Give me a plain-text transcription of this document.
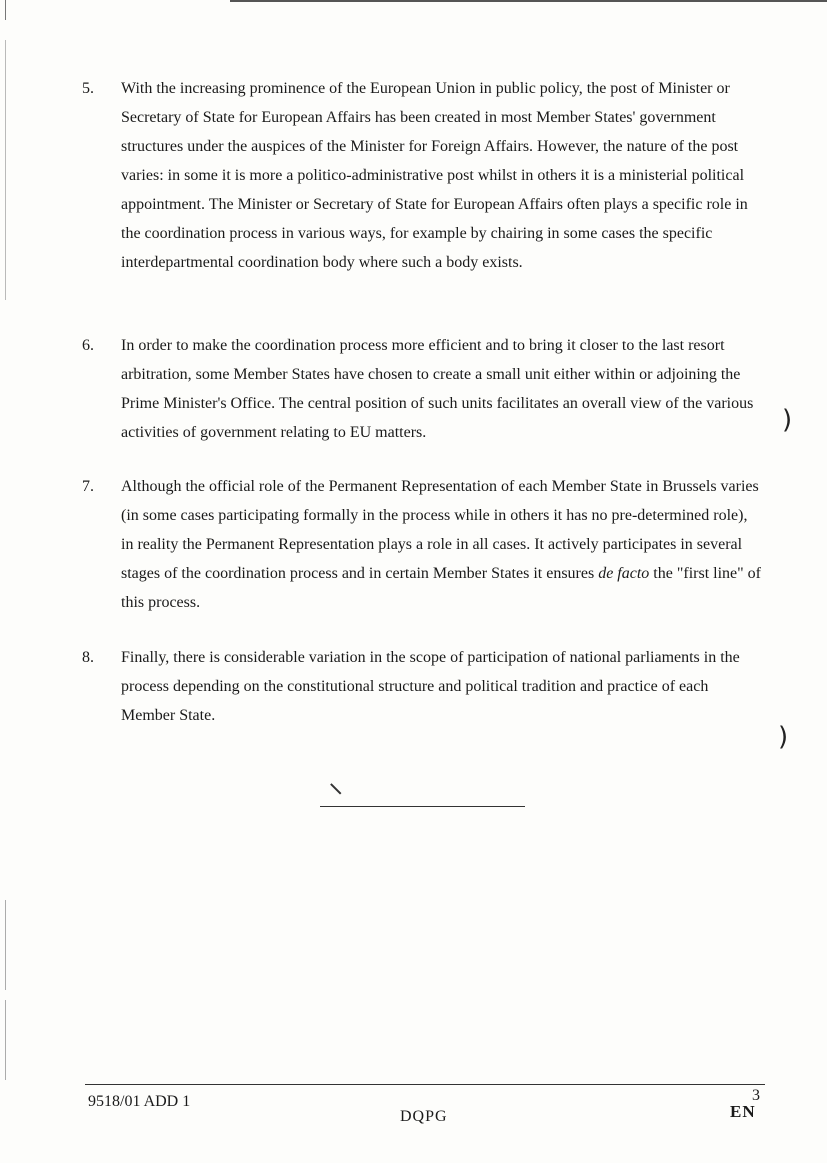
5. With the increasing prominence of the European Union in public policy, the post of Minister or Secretary of State for European Affairs has been created in most Member States' government structures under the auspices of the Minister for Foreign Affairs. However, the nature of the post varies: in some it is more a politico-administrative post whilst in others it is a ministerial political appointment. The Minister or Secretary of State for European Affairs often plays a specific role in the coordination process in various ways, for example by chairing in some cases the specific interdepartmental coordination body where such a body exists.
6. In order to make the coordination process more efficient and to bring it closer to the last resort arbitration, some Member States have chosen to create a small unit either within or adjoining the Prime Minister's Office. The central position of such units facilitates an overall view of the various activities of government relating to EU matters.
7. Although the official role of the Permanent Representation of each Member State in Brussels varies (in some cases participating formally in the process while in others it has no pre-determined role), in reality the Permanent Representation plays a role in all cases. It actively participates in several stages of the coordination process and in certain Member States it ensures de facto the "first line" of this process.
8. Finally, there is considerable variation in the scope of participation of national parliaments in the process depending on the constitutional structure and political tradition and practice of each Member State.
)
)
9518/01 ADD 1
DQPG
3
EN
